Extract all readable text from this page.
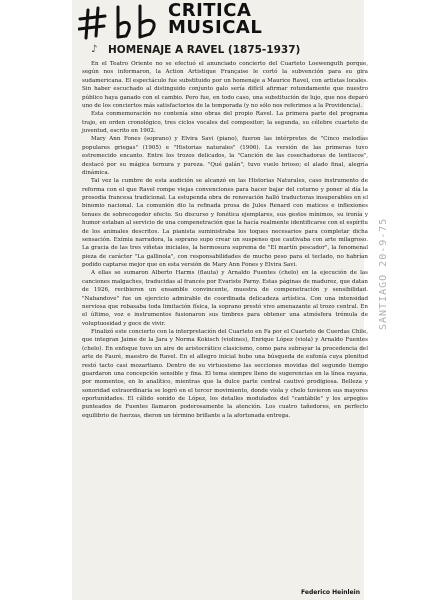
CRITICA
MUSICAL
♪ HOMENAJE A RAVEL (1875-1937)

En el Teatro Oriente no se efectuó el anunciado concierto del Cuarteto Loewenguth porque, según nos informaron, la Action Artistique Française le cortó la subvención para su gira sudamericana. El espectáculo fue substituido por un homenaje a Maurice Ravel, con artistas locales. Sin haber escuchado al distinguido conjunto galo sería difícil afirmar rotundamente que nuestro público haya ganado con el cambio. Pero fue, en todo caso, una substitución de lujo, que nos deparó uno de los conciertos más satisfactorios de la temporada (y no sólo nos referimos a la Providencia).

Esta conmemoración no contenía sino obras del propio Ravel. La primera parte del programa trajo, en orden cronológico, tres ciclos vocales del compositor; la segunda, su célebre cuarteto de juventud, escrito en 1902.

Mary Ann Fones (soprano) y Elvira Savi (piano), fueron las intérpretes de "Cinco melodías populares griegas" (1905) e "Historias naturales" (1906). La versión de las primeras tuvo estremecido encanto. Entre los trozos delicados, la "Canción de las cosechadoras de lentiscos", destacó por su mágica ternura y pureza. "Qué galán", tuvo vuelo brioso; el alado final, alegría dinámica.

Tal vez la cumbre de esta audición se alcanzó en las Historias Naturales, caso instrumento de reforma con el que Ravel rompe viejas convenciones para hacer bajar del coturno y poner al día la prosodia francesa tradicional. La estupenda obra de renovación halló traductoras insuperables en el binomio nacional. La comunión dio la refinada prosa de Jules Renard con matices e inflexiones tenues de sobrecogedor efecto. Su discurso y fonética ejemplares, sus gestos mínimos, su ironía y humor estaban al servicio de una compenetración que la hacía realmente identificarse con el espíritu de los animales descritos. La pianista suministraba los toques necesarios para completar dicha sensación. Exímia narradora, la soprano supo crear un suspenso que cautivaba con arte milagroso. La gracia de las tres viñetas iniciales, la hermosura suprema de "El martín pescador", la fenomenal pieza de carácter "La gallinola", con responsabilidades de mucho peso para el teclado, no habrían podido captarse mejor que en esta versión de Mary Ann Fones y Elvira Savi.

A ellas se sumaron Alberto Harms (flauta) y Arnaldo Fuentes (chelo) en la ejecución de las canciones malgaches, traducidas al francés por Evariste Parny. Estas páginas de madurez, que datan de 1926, recibieron un ensamble convincente, muestra de compenetración y sensibilidad. "Nahandove" fue un ejercicio admirable de coordinada delicadeza artística. Con una intensidad nerviosa que rebasaba toda limitación física, la soprano prestó vivo amenazante al trozo central. En el último, voz e instrumentos fusionaron sus timbres para obtener una atmósfera trémula de voluptuosidad y goce de vivir.

Finalizó este concierto con la interpretación del Cuarteto en Fa por el Cuarteto de Cuerdas Chile, que integran Jaime de la Jara y Norma Kokisch (violines), Enrique López (viola) y Arnaldo Fuentes (chelo). En enfoque tuvo un aire de aristocrático clasicismo, como para subrayar la procedencia del arte de Fauré, maestro de Ravel. En el allegro inicial hubo una búsqueda de eufonía cuya plenitud restó tacto casi mozartiano. Dentro de su virtuosismo las secciones movidas del segundo tiempo guardaron una concepción sensible y fina. El tema siempre lleno de sugerencias en la línea rayana, por momentos, en lo analítico, mientras que la dulce parte central cautivó prodigiosa. Belleza y sonoridad extraordinaria se logró en el tercer movimiento, donde viola y chelo tuvieron sus mayores oportunidades. El cálido sonido de López, los detalles modulados del "cantábile" y los arpegios punteados de Fuentes llamaron poderosamente la atención. Los cuatro tañedores, en perfecto equilibrio de fuerzas, dieron un término brillante a la afortunada entrega.

Federico Heinlein
SANTIAGO 20-9-75
